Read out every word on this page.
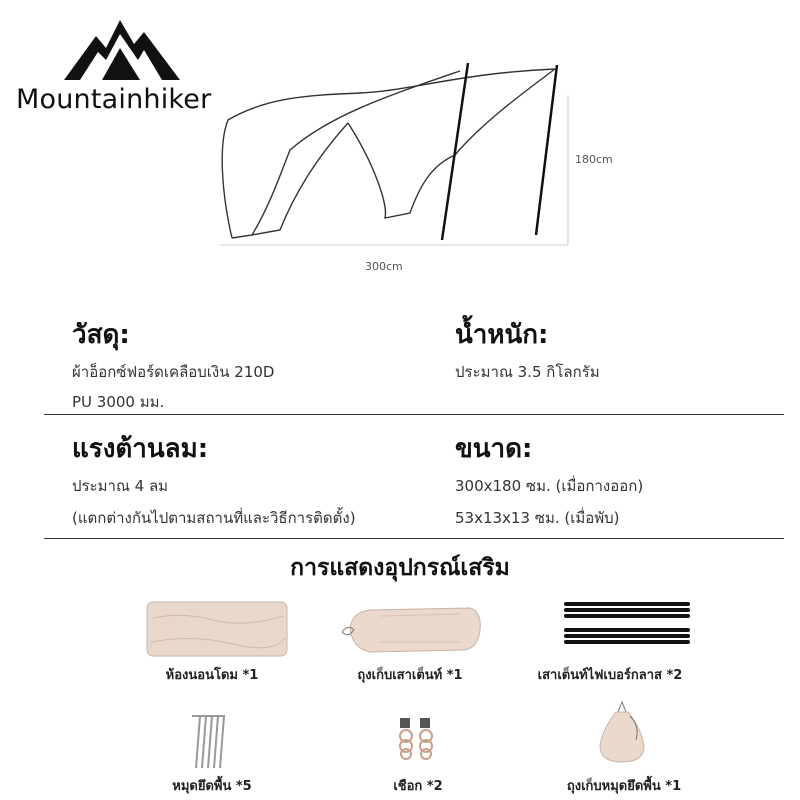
Mountainhiker
180cm
300cm
วัสดุ:
ผ้าอ็อกซ์ฟอร์ดเคลือบเงิน 210D
PU 3000 มม.
น้ำหนัก:
ประมาณ 3.5 กิโลกรัม
แรงต้านลม:
ประมาณ 4 ลม
(แตกต่างกันไปตามสถานที่และวิธีการติดตั้ง)
ขนาด:
300x180 ซม. (เมื่อกางออก)
53x13x13 ซม. (เมื่อพับ)
การแสดงอุปกรณ์เสริม
ห้องนอนโดม *1	ถุงเก็บเสาเต็นท์ *1	เสาเต็นท์ไฟเบอร์กลาส *2
หมุดยึดพื้น *5	เชือก *2	ถุงเก็บหมุดยึดพื้น *1
